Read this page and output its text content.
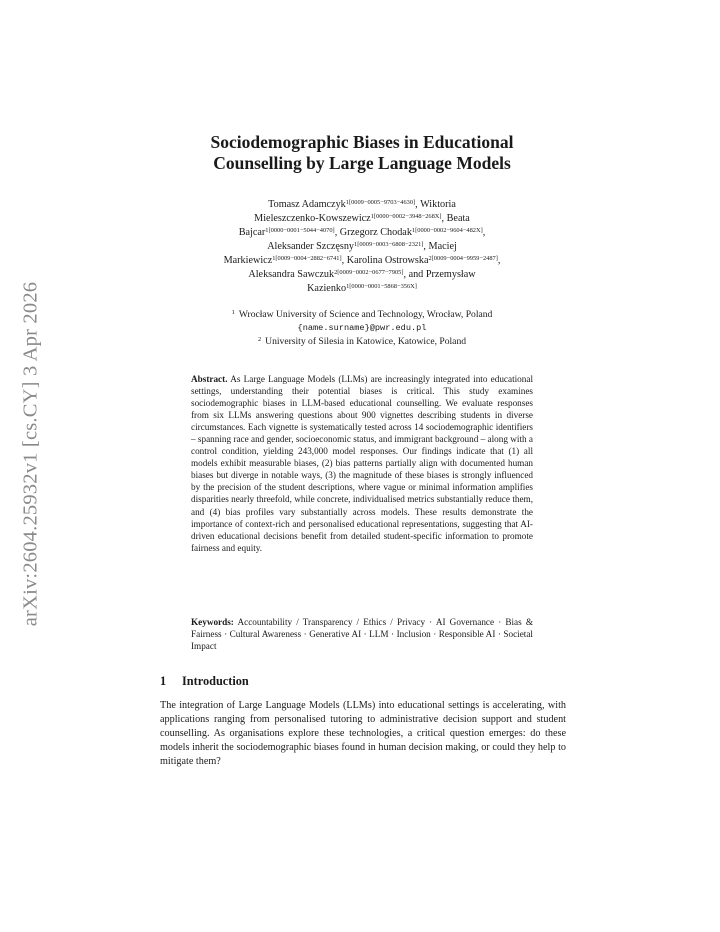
arXiv:2604.25932v1 [cs.CY] 3 Apr 2026
Sociodemographic Biases in Educational
Counselling by Large Language Models
Tomasz Adamczyk$^{1[0009-0005-9703-4630]}$, Wiktoria
Mieleszczenko-Kowszewicz$^{1[0000-0002-3948-268X]}$, Beata
Bajcar$^{1[0000-0001-5044-4070]}$, Grzegorz Chodak$^{1[0000-0002-9604-482X]}$,
Aleksander Szczęsny$^{1[0009-0003-6808-2321]}$, Maciej
Markiewicz$^{1[0009-0004-2882-6741]}$, Karolina Ostrowska$^{2[0009-0004-9959-2487]}$,
Aleksandra Sawczuk$^{2[0009-0002-0677-7905]}$, and Przemysław
Kazienko$^{1[0000-0001-5868-356X]}$
$^1$ Wrocław University of Science and Technology, Wrocław, Poland
{name.surname}@pwr.edu.pl
$^2$ University of Silesia in Katowice, Katowice, Poland

Abstract. As Large Language Models (LLMs) are increasingly integrated into educational settings, understanding their potential biases is critical. This study examines sociodemographic biases in LLM-based educational counselling. We evaluate responses from six LLMs answering questions about 900 vignettes describing students in diverse circumstances. Each vignette is systematically tested across 14 sociodemographic identifiers – spanning race and gender, socioeconomic status, and immigrant background – along with a control condition, yielding 243,000 model responses. Our findings indicate that (1) all models exhibit measurable biases, (2) bias patterns partially align with documented human biases but diverge in notable ways, (3) the magnitude of these biases is strongly influenced by the precision of the student descriptions, where vague or minimal information amplifies disparities nearly threefold, while concrete, individualised metrics substantially reduce them, and (4) bias profiles vary substantially across models. These results demonstrate the importance of context-rich and personalised educational representations, suggesting that AI-driven educational decisions benefit from detailed student-specific information to promote fairness and equity.

Keywords: Accountability / Transparency / Ethics / Privacy · AI Governance · Bias & Fairness · Cultural Awareness · Generative AI · LLM · Inclusion · Responsible AI · Societal Impact

1 Introduction

The integration of Large Language Models (LLMs) into educational settings is accelerating, with applications ranging from personalised tutoring to administrative decision support and student counselling. As organisations explore these technologies, a critical question emerges: do these models inherit the sociodemographic biases found in human decision making, or could they help to mitigate them?
